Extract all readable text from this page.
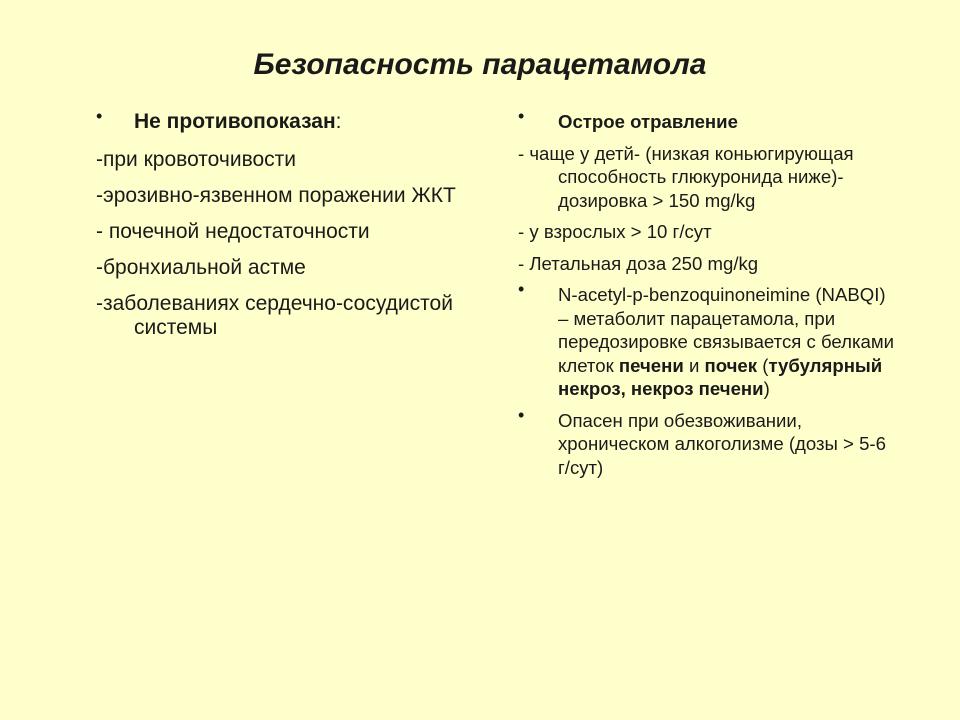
Безопасность парацетамола
•	Не противопоказан:
-при кровоточивости
-эрозивно-язвенном поражении ЖКТ
- почечной недостаточности
-бронхиальной астме
-заболеваниях сердечно-сосудистой системы
•	Острое отравление
- чаще у детй- (низкая коньюгирующая способность глюкуронида ниже)- дозировка > 150 mg/kg
- у взрослых > 10 г/сут
- Летальная доза 250 mg/kg
•	N-acetyl-p-benzoquinoneimine (NABQI) – метаболит парацетамола, при передозировке связывается с белками клеток печени и почек (тубулярный некроз, некроз печени)
•	Опасен при обезвоживании, хроническом алкоголизме (дозы > 5-6 г/сут)
